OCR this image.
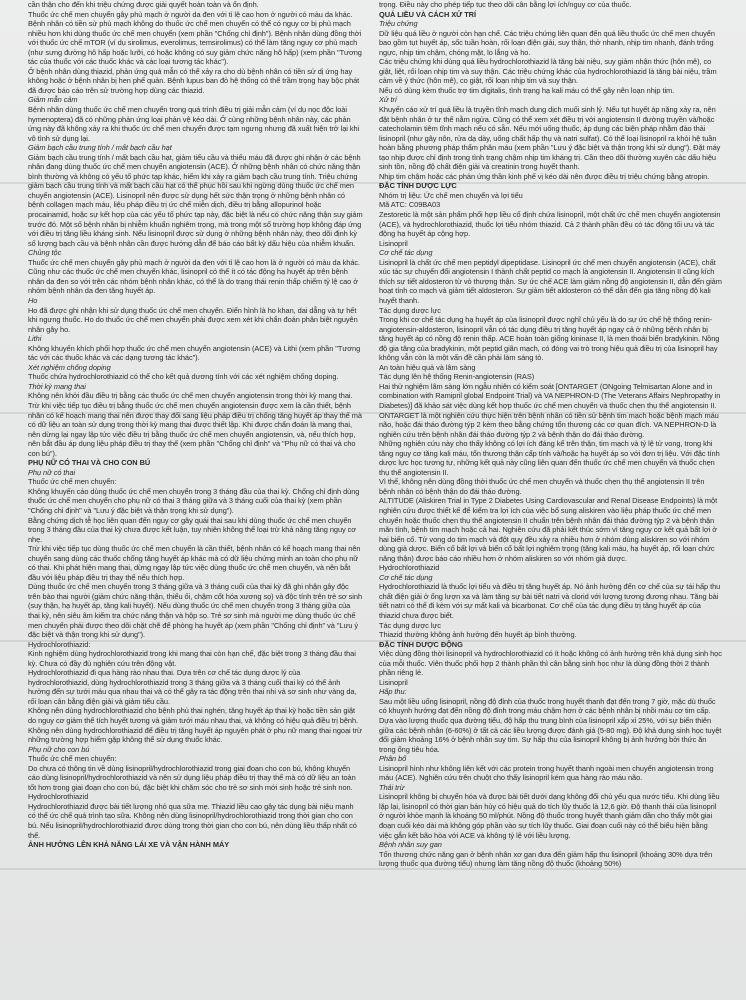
cần thận cho đến khi triệu chứng được giải quyết hoàn toàn và ổn định.

Thuốc ức chế men chuyển gây phù mạch ở người da đen với tỉ lệ cao hơn ở người có màu da khác.

Bệnh nhân có tiền sử phù mạch không do thuốc ức chế men chuyển có thể có nguy cơ bị phù mạch nhiều hơn khi dùng thuốc ức chế men chuyển (xem phần "Chống chỉ định"). Bệnh nhân dùng đồng thời với thuốc ức chế mTOR (ví dụ sirolimus, everolimus, temsirolimus) có thể làm tăng nguy cơ phù mạch (như sưng đường hô hấp hoặc lưỡi, có hoặc không có suy giảm chức năng hô hấp) (xem phần "Tương tác của thuốc với các thuốc khác và các loại tương tác khác").

Ở bệnh nhân dùng thiazid, phản ứng quá mẫn có thể xảy ra cho dù bệnh nhân có tiền sử dị ứng hay không hoặc ở bệnh nhân bị hen phế quản. Bệnh lupus ban đỏ hệ thống có thể trầm trọng hay bộc phát đã được báo cáo trên sử trường hợp dùng các thiazid.

Giảm mẫn cảm

Bệnh nhân dùng thuốc ức chế men chuyển trong quá trình điều trị giải mẫn cảm (ví dụ nọc độc loài hymenoptera) đã có những phản ứng loại phản vệ kéo dài. Ở cùng những bệnh nhân này, các phản ứng này đã không xảy ra khi thuốc ức chế men chuyển được tạm ngưng nhưng đã xuất hiện trở lại khi vô tình sử dụng lại.

Giảm bạch cầu trung tính / mất bạch cầu hạt

Giảm bạch cầu trung tính / mất bạch cầu hạt, giảm tiểu cầu và thiếu máu đã được ghi nhận ở các bệnh nhân đang dùng thuốc ức chế men chuyển angiotensin (ACE). Ở những bệnh nhân có chức năng thận bình thường và không có yếu tố phức tạp khác, hiếm khi xảy ra giảm bạch cầu trung tính. Triệu chứng giảm bạch cầu trung tính và mất bạch cầu hạt có thể phục hồi sau khi ngừng dùng thuốc ức chế men chuyển angiotensin (ACE). Lisinopril nên được sử dụng hết sức thận trọng ở những bệnh nhân có bệnh collagen mạch máu, liệu pháp điều trị ức chế miễn dịch, điều trị bằng allopurinol hoặc procainamid, hoặc sự kết hợp của các yếu tố phức tạp này, đặc biệt là nếu có chức năng thận suy giảm trước đó. Một số bệnh nhân bị nhiễm khuẩn nghiêm trọng, mà trong một số trường hợp không đáp ứng với điều trị tăng liều kháng sinh. Nếu lisinopril được sử dụng ở những bệnh nhân này, theo dõi định kỳ số lượng bạch cầu và bệnh nhân cần được hướng dẫn để báo cáo bất kỳ dấu hiệu của nhiễm khuẩn.

Chủng tộc

Thuốc ức chế men chuyển gây phù mạch ở người da đen với tỉ lệ cao hơn là ở người có màu da khác.

Cũng như các thuốc ức chế men chuyển khác, lisinopril có thể ít có tác động hạ huyết áp trên bệnh nhân da đen so với trên các nhóm bệnh nhân khác, có thể là do trạng thái renin thấp chiếm tỷ lệ cao ở nhóm bệnh nhân da đen tăng huyết áp.

Ho

Ho đã được ghi nhận khi sử dụng thuốc ức chế men chuyển. Điển hình là ho khan, dai dẳng và tự hết khi ngưng thuốc. Ho do thuốc ức chế men chuyển phải được xem xét khi chẩn đoán phân biệt nguyên nhân gây ho.

Lithi

Không khuyến khích phối hợp thuốc ức chế men chuyển angiotensin (ACE) và Lithi (xem phần "Tương tác với các thuốc khác và các dạng tương tác khác").

Xét nghiệm chống doping

Thuốc chứa hydrochlorothiazid có thể cho kết quả dương tính với các xét nghiệm chống doping.

Thời kỳ mang thai

Không nên khởi đầu điều trị bằng các thuốc ức chế men chuyển angiotensin trong thời kỳ mang thai. Trừ khi việc tiếp tục điều trị bằng thuốc ức chế men chuyển angiotensin được xem là cần thiết, bệnh nhân có kế hoạch mang thai nên được thay đổi sang liệu pháp điều trị chống tăng huyết áp thay thế mà có dữ liệu an toàn sử dụng trong thời kỳ mang thai được thiết lập. Khi được chẩn đoán là mang thai, nên dừng lại ngay lập tức việc điều trị bằng thuốc ức chế men chuyển angiotensin, và, nếu thích hợp, nên bắt đầu áp dụng liệu pháp điều trị thay thế (xem phần "Chống chỉ định" và "Phụ nữ có thai và cho con bú").

PHỤ NỮ CÓ THAI VÀ CHO CON BÚ

Phụ nữ có thai

Thuốc ức chế men chuyển:

Không khuyến cáo dùng thuốc ức chế men chuyển trong 3 tháng đầu của thai kỳ. Chống chỉ định dùng thuốc ức chế men chuyển cho phụ nữ có thai 3 tháng giữa và 3 tháng cuối của thai kỳ (xem phần "Chống chỉ định" và "Lưu ý đặc biệt và thận trọng khi sử dụng").

Bằng chứng dịch tễ học liên quan đến nguy cơ gây quái thai sau khi dùng thuốc ức chế men chuyển trong 3 tháng đầu của thai kỳ chưa được kết luận, tuy nhiên không thể loại trừ khả năng tăng nguy cơ nhẹ.

Trừ khi việc tiếp tục dùng thuốc ức chế men chuyển là cần thiết, bệnh nhân có kế hoạch mang thai nên chuyển sang dùng các thuốc chống tăng huyết áp khác mà có dữ liệu chứng minh an toàn cho phụ nữ có thai. Khi phát hiện mang thai, dừng ngay lập tức việc dùng thuốc ức chế men chuyển, và nên bắt đầu với liệu pháp điều trị thay thế nếu thích hợp.

Dùng thuốc ức chế men chuyển trong 3 tháng giữa và 3 tháng cuối của thai kỳ đã ghi nhận gây độc trên bào thai người (giảm chức năng thận, thiểu ối, chậm cốt hóa xương sọ) và độc tính trên trẻ sơ sinh (suy thận, hạ huyết áp, tăng kali huyết). Nếu dùng thuốc ức chế men chuyển trong 3 tháng giữa của thai kỳ, nên siêu âm kiểm tra chức năng thận và hộp sọ. Trẻ sơ sinh mà người mẹ dùng thuốc ức chế men chuyển phải được theo dõi chặt chẽ để phòng hạ huyết áp (xem phần "Chống chỉ định" và "Lưu ý đặc biệt và thận trọng khi sử dụng").

Hydrochlorothiazid:

Kinh nghiệm dùng hydrochlorothiazid trong khi mang thai còn hạn chế, đặc biệt trong 3 tháng đầu thai kỳ. Chưa có đầy đủ nghiên cứu trên động vật.

Hydrochlorothiazid đi qua hàng rào nhau thai. Dựa trên cơ chế tác dụng dược lý của hydrochlorothiazid, dùng hydrochlorothiazid trong 3 tháng giữa và 3 tháng cuối thai kỳ có thể ảnh hưởng đến sự tưới máu qua nhau thai và có thể gây ra tác động trên thai nhi và sơ sinh như vàng da, rối loạn cân bằng điện giải và giảm tiểu cầu.

Không nên dùng hydrochlorothiazid cho bệnh phù thai nghén, tăng huyết áp thai kỳ hoặc tiền sản giật do nguy cơ giảm thể tích huyết tương và giảm tưới máu nhau thai, và không có hiệu quả điều trị bệnh.

Không nên dùng hydrochlorothiazid để điều trị tăng huyết áp nguyên phát ở phụ nữ mang thai ngoại trừ những trường hợp hiếm gặp không thể sử dụng thuốc khác.

Phụ nữ cho con bú

Thuốc ức chế men chuyển:

Do chưa có thông tin về dùng lisinopril/hydrochlorothiazid trong giai đoạn cho con bú, không khuyến cáo dùng lisinopril/hydrochlorothiazid và nên sử dụng liệu pháp điều trị thay thế mà có dữ liệu an toàn tốt hơn trong giai đoạn cho con bú, đặc biệt khi chăm sóc cho trẻ sơ sinh mới sinh hoặc trẻ sinh non.

Hydrochlorothiazid

Hydrochlorothiazid được bài tiết lượng nhỏ qua sữa mẹ. Thiazid liều cao gây tác dụng bài niệu mạnh có thể ức chế quá trình tạo sữa. Không nên dùng lisinopril/hydrochlorothiazid trong thời gian cho con bú. Nếu lisinopril/hydrochlorothiazid được dùng trong thời gian cho con bú, nên dùng liều thấp nhất có thể.

ẢNH HƯỞNG LÊN KHẢ NĂNG LÁI XE VÀ VẬN HÀNH MÁY

trọng. Điều này cho phép tiếp tục theo dõi cân bằng lợi ích/nguy cơ của thuốc.

QUÁ LIỀU VÀ CÁCH XỬ TRÍ

Triệu chứng

Dữ liệu quá liều ở người còn hạn chế. Các triệu chứng liên quan đến quá liều thuốc ức chế men chuyển bao gồm tụt huyết áp, sốc tuần hoàn, rối loạn điện giải, suy thận, thở nhanh, nhịp tim nhanh, đánh trống ngực, nhịp tim chậm, chóng mặt, lo lắng và ho.

Các triệu chứng khi dùng quá liều hydrochlorothiazid là tăng bài niệu, suy giảm nhận thức (hôn mê), co giật, liệt, rối loạn nhịp tim và suy thận. Các triệu chứng khác của hydrochlorothiazid là tăng bài niệu, trầm cảm về ý thức (hôn mê), co giật, rối loạn nhịp tim và suy thận.

Nếu có dùng kèm thuốc trợ tim digitalis, tình trạng hạ kali máu có thể gây nên loạn nhịp tim.

Xử trí

Khuyến cáo xử trí quá liều là truyền tĩnh mạch dung dịch muối sinh lý. Nếu tụt huyết áp nặng xảy ra, nên đặt bệnh nhân ở tư thế nằm ngửa. Cũng có thể xem xét điều trị với angiotensin II đường truyền và/hoặc catecholamin tiêm tĩnh mạch nếu có sẵn. Nếu mới uống thuốc, áp dụng các biện pháp nhằm đào thải lisinopril (như gây nôn, rửa dạ dày, uống chất hấp thụ và natri sulfat). Có thể loại lisinopril ra khỏi hệ tuần hoàn bằng phương pháp thẩm phân máu (xem phần "Lưu ý đặc biệt và thận trọng khi sử dụng"). Đặt máy tạo nhịp được chỉ định trong tình trạng chậm nhịp tim kháng trị. Cần theo dõi thường xuyên các dấu hiệu sinh tồn, nồng độ chất điện giải và creatinin trong huyết thanh.

Nhịp tim chậm hoặc các phản ứng thần kinh phế vị kéo dài nên được điều trị triệu chứng bằng atropin.

ĐẶC TÍNH DƯỢC LỰC

Nhóm trị liệu: Ức chế men chuyển và lợi tiểu

Mã ATC: C09BA03

Zestoretic là một sản phẩm phối hợp liều cố định chứa lisinopril, một chất ức chế men chuyển angiotensin (ACE), và hydrochlorothiazid, thuốc lợi tiểu nhóm thiazid. Cả 2 thành phần đều có tác động tối ưu và tác động hạ huyết áp cộng hợp.

Lisinopril

Cơ chế tác dụng

Lisinopril là chất ức chế men peptidyl dipeptidase. Lisinopril ức chế men chuyển angiotensin (ACE), chất xúc tác sự chuyển đổi angiotensin I thành chất peptid co mạch là angiotensin II. Angiotensin II cũng kích thích sự tiết aldosteron từ vỏ thượng thận. Sự ức chế ACE làm giảm nồng độ angiotensin II, dẫn đến giảm hoạt tính co mạch và giảm tiết aldosteron. Sự giảm tiết aldosteron có thể dẫn đến gia tăng nồng độ kali huyết thanh.

Tác dụng dược lực

Trong khi cơ chế tác dụng hạ huyết áp của lisinopril được nghĩ chủ yếu là do sự ức chế hệ thống renin-angiotensin-aldosteron, lisinopril vẫn có tác dụng điều trị tăng huyết áp ngay cả ở những bệnh nhân bị tăng huyết áp có nồng độ renin thấp. ACE hoàn toàn giống kininase II, là men thoái biến bradykinin. Nồng độ gia tăng của bradykinin, một peptid giãn mạch, có đóng vai trò trong hiệu quả điều trị của lisinopril hay không vẫn còn là một vấn đề cần phải làm sáng tỏ.

An toàn hiệu quả và lâm sàng

Tác dụng lên hệ thống Renin-angiotensin (RAS)

Hai thử nghiệm lâm sàng lớn ngẫu nhiên có kiểm soát [ONTARGET (ONgoing Telmisartan Alone and in combination with Ramipril global Endpoint Trial) và VA NEPHRON-D (The Veterans Affairs Nephropathy in Diabetes)] đã khảo sát việc dùng kết hợp thuốc ức chế men chuyển và thuốc chẹn thụ thể angiotensin II.

ONTARGET là một nghiên cứu thực hiện trên bệnh nhân có tiền sử bệnh tim mạch hoặc bệnh mạch máu não, hoặc đái tháo đường týp 2 kèm theo bằng chứng tổn thương các cơ quan đích. VA NEPHRON-D là nghiên cứu trên bệnh nhân đái tháo đường týp 2 và bệnh thận do đái tháo đường.

Những nghiên cứu này cho thấy không có lợi ích đáng kể trên thận, tim mạch và tỷ lệ tử vong, trong khi tăng nguy cơ tăng kali máu, tổn thương thận cấp tính và/hoặc hạ huyết áp so với đơn trị liệu. Với đặc tính dược lực học tương tự, những kết quả này cũng liên quan đến thuốc ức chế men chuyển và thuốc chẹn thụ thể angiotensin II.

Vì thế, không nên dùng đồng thời thuốc ức chế men chuyển và thuốc chẹn thụ thể angiotensin II trên bệnh nhân có bệnh thận do đái tháo đường.

ALTITUDE (Aliskiren Trial in Type 2 Diabetes Using Cardiovascular and Renal Disease Endpoints) là một nghiên cứu được thiết kế để kiểm tra lợi ích của việc bổ sung aliskiren vào liệu pháp thuốc ức chế men chuyển hoặc thuốc chẹn thụ thể angiotensin II chuẩn trên bệnh nhân đái tháo đường týp 2 và bệnh thận mãn tính, bệnh tim mạch hoặc cả hai. Nghiên cứu đã phải kết thúc sớm vì tăng nguy cơ kết quả bất lợi ở hai biến cố. Tử vong do tim mạch và đột quỵ đều xảy ra nhiều hơn ở nhóm dùng aliskiren so với nhóm dùng giả dược. Biến cố bất lợi và biến cố bất lợi nghiêm trọng (tăng kali máu, hạ huyết áp, rối loạn chức năng thận) được báo cáo nhiều hơn ở nhóm aliskiren so với nhóm giả dược.

Hydrochlorothiazid

Cơ chế tác dụng

Hydrochlorothiazid là thuốc lợi tiểu và điều trị tăng huyết áp. Nó ảnh hưởng đến cơ chế của sự tái hấp thu chất điện giải ở ống lượn xa và làm tăng sự bài tiết natri và clorid với lượng tương đương nhau. Tăng bài tiết natri có thể đi kèm với sự mất kali và bicarbonat. Cơ chế của tác dụng điều trị tăng huyết áp của thiazid chưa được biết.

Tác dụng dược lực

Thiazid thường không ảnh hưởng đến huyết áp bình thường.

ĐẶC TÍNH DƯỢC ĐỘNG

Việc dùng đồng thời lisinopril và hydrochlorothiazid có ít hoặc không có ảnh hưởng trên khả dụng sinh học của mỗi thuốc. Viên thuốc phối hợp 2 thành phần thì cân bằng sinh học như là dùng đồng thời 2 thành phần riêng lẻ.

Lisinopril

Hấp thu:

Sau một liều uống lisinopril, nồng độ đỉnh của thuốc trong huyết thanh đạt đến trong 7 giờ, mặc dù thuốc có khuynh hướng đạt đến nồng độ đỉnh trong máu chậm hơn ở các bệnh nhân bị nhồi máu cơ tim cấp. Dựa vào lượng thuốc qua đường tiểu, độ hấp thu trung bình của lisinopril xấp xỉ 25%, với sự biến thiên giữa các bệnh nhân (6-60%) ở tất cả các liều lượng được đánh giá (5-80 mg). Độ khả dụng sinh học tuyệt đối giảm khoảng 16% ở bệnh nhân suy tim. Sự hấp thu của lisinopril không bị ảnh hưởng bởi thức ăn trong ống tiêu hóa.

Phân bố

Lisinopril hình như không liên kết với các protein trong huyết thanh ngoài men chuyển angiotensin trong máu (ACE). Nghiên cứu trên chuột cho thấy lisinopril kém qua hàng rào máu não.

Thải trừ

Lisinopril không bị chuyển hóa và được bài tiết dưới dạng không đổi chủ yếu qua nước tiểu. Khi dùng liều lặp lại, lisinopril có thời gian bán hủy có hiệu quả do tích lũy thuốc là 12,6 giờ. Độ thanh thải của lisinopril ở người khỏe mạnh là khoảng 50 ml/phút. Nồng độ thuốc trong huyết thanh giảm dần cho thấy một giai đoạn cuối kéo dài mà không góp phần vào sự tích lũy thuốc. Giai đoạn cuối này có thể biểu hiện bằng việc gắn kết bão hòa với ACE và không tỷ lệ với liều lượng.

Bệnh nhân suy gan

Tổn thương chức năng gan ở bệnh nhân xơ gan đưa đến giảm hấp thu lisinopril (khoảng 30% dựa trên lượng thuốc qua đường tiểu) nhưng làm tăng nồng độ thuốc (khoảng 50%)
